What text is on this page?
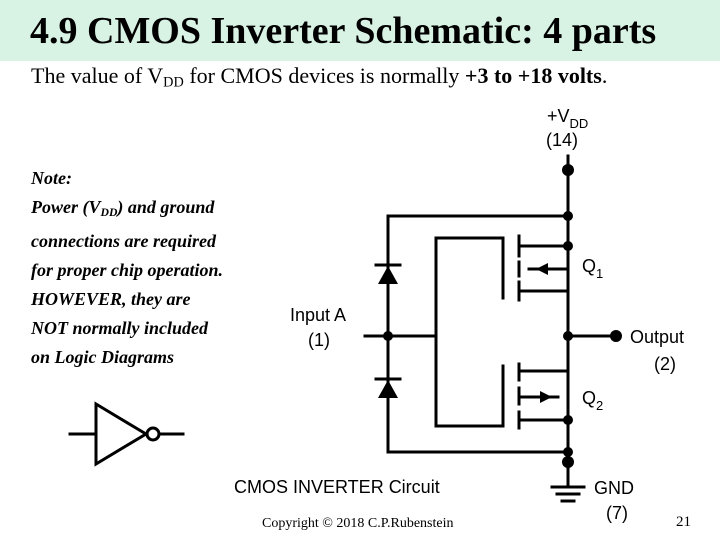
4.9 CMOS Inverter Schematic: 4 parts
The value of $V_{DD}$ for CMOS devices is normally +3 to +18 volts.
Note:
Power $(V_{DD})$ and ground
connections are required
for proper chip operation.
HOWEVER, they are
NOT normally included
on Logic Diagrams
$+V_{DD}$
(14)
Input A
(1)	Output
(2)
$Q_1$
$Q_2$
GND
(7)
CMOS INVERTER Circuit
Copyright © 2018 C.P.Rubenstein	21
